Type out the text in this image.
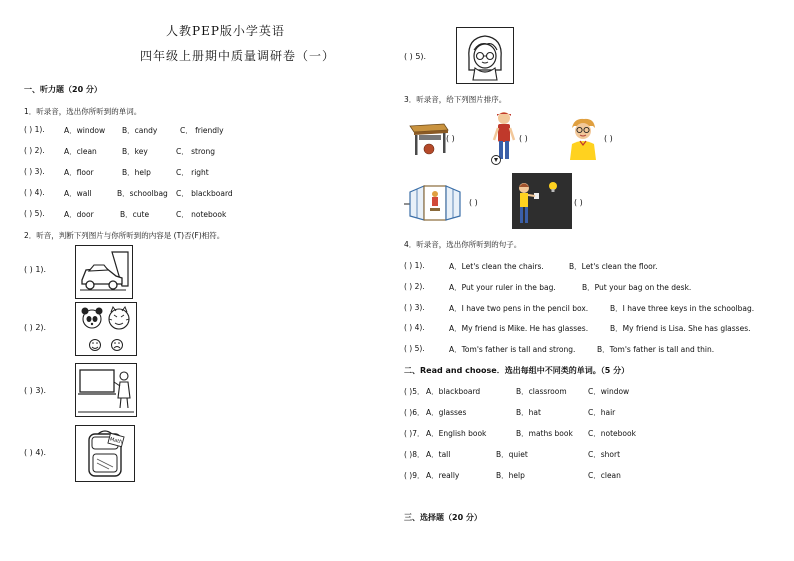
人教PEP版小学英语
四年级上册期中质量调研卷（一）
一、听力题（20 分）
1．听录音，选出你所听到的单词。
( ) 1).	A．window B．candy	C． friendly
( ) 2).	A．clean	B．key	C． strong
( ) 3).	A．floor	B．help	C． right
( ) 4).	A．wall	B．schoolbag C． blackboard
( ) 5).	A．door	B．cute	C． notebook
2．听音，判断下列图片与你所听到的内容是 (T)否(F)相符。
( ) 1).
( ) 2).
( ) 3).
( ) 4).
Math
( ) 5).
3．听录音，给下列图片排序。
( )	( )	( )
( )	( )
4．听录音，选出你所听到的句子。
( ) 1).	A．Let's clean the chairs.	B．Let's clean the floor.
( ) 2).	A．Put your ruler in the bag.	B．Put your bag on the desk.
( ) 3).	A．I have two pens in the pencil box.	B．I have three keys in the schoolbag.
( ) 4).	A．My friend is Mike. He has glasses.	B．My friend is Lisa. She has glasses.
( ) 5).	A．Tom's father is tall and strong.	B．Tom's father is tall and thin.
二、Read and choose．选出每组中不同类的单词。（5 分）
( )5． A．blackboard	B．classroom	C．window
( )6． A．glasses	B．hat	C．hair
( )7． A．English book	B．maths book C．notebook
( )8． A．tall	B．quiet	C．short
( )9． A．really	B．help	C．clean
三、选择题（20 分）
